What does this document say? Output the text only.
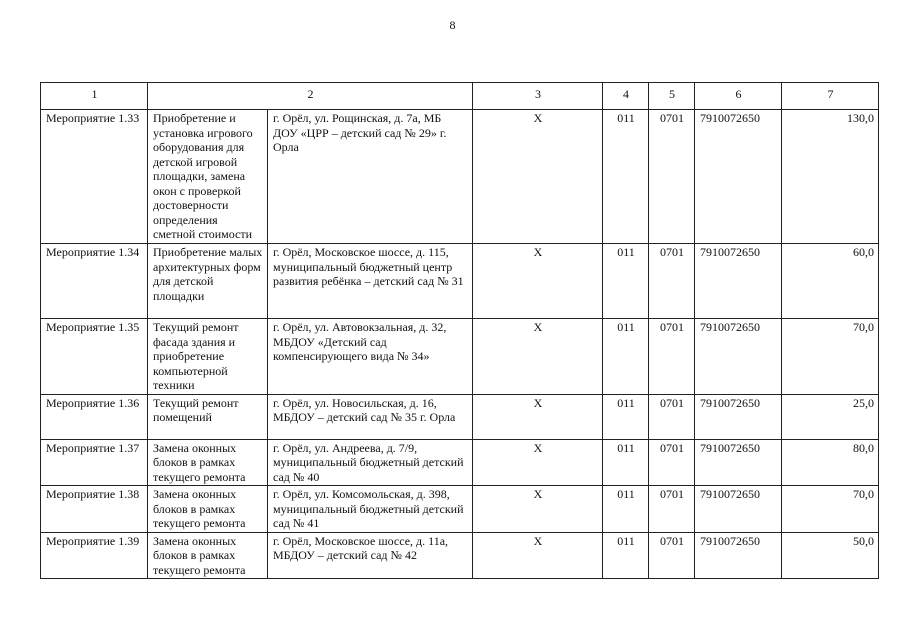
8
1	2		3	4	5	6	7
Мероприятие 1.33	Приобретение и установка игрового оборудования для детской игровой площадки, замена окон с проверкой достоверности определения сметной стоимости	г. Орёл, ул. Рощинская, д. 7а, МБ ДОУ «ЦРР – детский сад № 29» г. Орла	Х	011	0701	7910072650	130,0
Мероприятие 1.34	Приобретение малых архитектурных форм для детской площадки	г. Орёл, Московское шоссе, д. 115, муниципальный бюджетный центр развития ребёнка – детский сад № 31	Х	011	0701	7910072650	60,0
Мероприятие 1.35	Текущий ремонт фасада здания и приобретение компьютерной техники	г. Орёл, ул. Автовокзальная, д. 32, МБДОУ «Детский сад компенсирующего вида № 34»	Х	011	0701	7910072650	70,0
Мероприятие 1.36	Текущий ремонт помещений	г. Орёл, ул. Новосильская, д. 16, МБДОУ – детский сад № 35 г. Орла	Х	011	0701	7910072650	25,0
Мероприятие 1.37	Замена оконных блоков в рамках текущего ремонта	г. Орёл, ул. Андреева, д. 7/9, муниципальный бюджетный детский сад № 40	Х	011	0701	7910072650	80,0
Мероприятие 1.38	Замена оконных блоков в рамках текущего ремонта	г. Орёл, ул. Комсомольская, д. 398, муниципальный бюджетный детский сад № 41	Х	011	0701	7910072650	70,0
Мероприятие 1.39	Замена оконных блоков в рамках текущего ремонта	г. Орёл, Московское шоссе, д. 11а, МБДОУ – детский сад № 42	Х	011	0701	7910072650	50,0
